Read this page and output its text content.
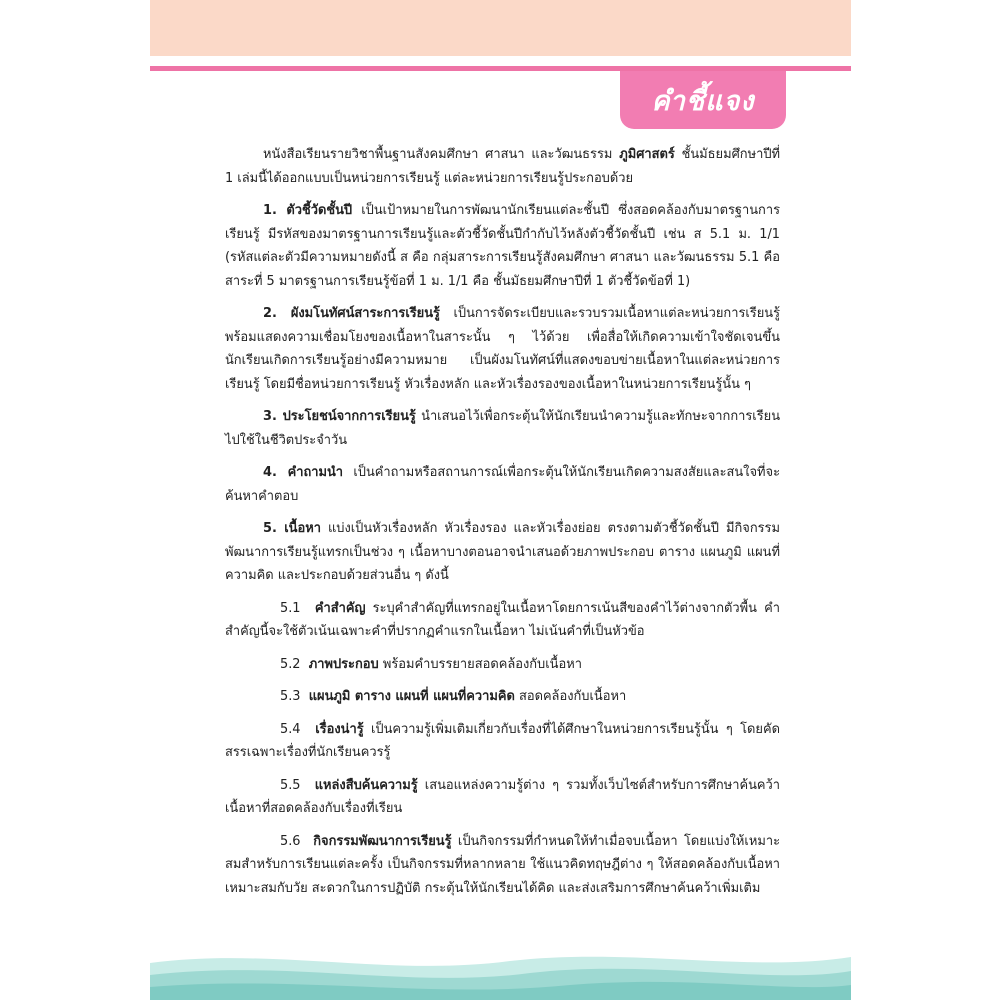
คำชี้แจง

หนังสือเรียนรายวิชาพื้นฐานสังคมศึกษา ศาสนา และวัฒนธรรม ภูมิศาสตร์ ชั้นมัธยมศึกษาปีที่ 1 เล่มนี้ได้ออกแบบเป็นหน่วยการเรียนรู้ แต่ละหน่วยการเรียนรู้ประกอบด้วย

1. ตัวชี้วัดชั้นปี เป็นเป้าหมายในการพัฒนานักเรียนแต่ละชั้นปี ซึ่งสอดคล้องกับมาตรฐานการเรียนรู้ มีรหัสของมาตรฐานการเรียนรู้และตัวชี้วัดชั้นปีกำกับไว้หลังตัวชี้วัดชั้นปี เช่น ส 5.1 ม. 1/1 (รหัสแต่ละตัวมีความหมายดังนี้ ส คือ กลุ่มสาระการเรียนรู้สังคมศึกษา ศาสนา และวัฒนธรรม 5.1 คือ สาระที่ 5 มาตรฐานการเรียนรู้ข้อที่ 1 ม. 1/1 คือ ชั้นมัธยมศึกษาปีที่ 1 ตัวชี้วัดข้อที่ 1)

2. ผังมโนทัศน์สาระการเรียนรู้ เป็นการจัดระเบียบและรวบรวมเนื้อหาแต่ละหน่วยการเรียนรู้ พร้อมแสดงความเชื่อมโยงของเนื้อหาในสาระนั้น ๆ ไว้ด้วย เพื่อสื่อให้เกิดความเข้าใจชัดเจนขึ้น นักเรียนเกิดการเรียนรู้อย่างมีความหมาย เป็นผังมโนทัศน์ที่แสดงขอบข่ายเนื้อหาในแต่ละหน่วยการเรียนรู้ โดยมีชื่อหน่วยการเรียนรู้ หัวเรื่องหลัก และหัวเรื่องรองของเนื้อหาในหน่วยการเรียนรู้นั้น ๆ

3. ประโยชน์จากการเรียนรู้ นำเสนอไว้เพื่อกระตุ้นให้นักเรียนนำความรู้และทักษะจากการเรียนไปใช้ในชีวิตประจำวัน

4. คำถามนำ เป็นคำถามหรือสถานการณ์เพื่อกระตุ้นให้นักเรียนเกิดความสงสัยและสนใจที่จะค้นหาคำตอบ

5. เนื้อหา แบ่งเป็นหัวเรื่องหลัก หัวเรื่องรอง และหัวเรื่องย่อย ตรงตามตัวชี้วัดชั้นปี มีกิจกรรมพัฒนาการเรียนรู้แทรกเป็นช่วง ๆ เนื้อหาบางตอนอาจนำเสนอด้วยภาพประกอบ ตาราง แผนภูมิ แผนที่ความคิด และประกอบด้วยส่วนอื่น ๆ ดังนี้

5.1 คำสำคัญ ระบุคำสำคัญที่แทรกอยู่ในเนื้อหาโดยการเน้นสีของคำไว้ต่างจากตัวพื้น คำสำคัญนี้จะใช้ตัวเน้นเฉพาะคำที่ปรากฏคำแรกในเนื้อหา ไม่เน้นคำที่เป็นหัวข้อ

5.2 ภาพประกอบ พร้อมคำบรรยายสอดคล้องกับเนื้อหา

5.3 แผนภูมิ ตาราง แผนที่ แผนที่ความคิด สอดคล้องกับเนื้อหา

5.4 เรื่องน่ารู้ เป็นความรู้เพิ่มเติมเกี่ยวกับเรื่องที่ได้ศึกษาในหน่วยการเรียนรู้นั้น ๆ โดยคัดสรรเฉพาะเรื่องที่นักเรียนควรรู้

5.5 แหล่งสืบค้นความรู้ เสนอแหล่งความรู้ต่าง ๆ รวมทั้งเว็บไซต์สำหรับการศึกษาค้นคว้าเนื้อหาที่สอดคล้องกับเรื่องที่เรียน

5.6 กิจกรรมพัฒนาการเรียนรู้ เป็นกิจกรรมที่กำหนดให้ทำเมื่อจบเนื้อหา โดยแบ่งให้เหมาะสมสำหรับการเรียนแต่ละครั้ง เป็นกิจกรรมที่หลากหลาย ใช้แนวคิดทฤษฎีต่าง ๆ ให้สอดคล้องกับเนื้อหา เหมาะสมกับวัย สะดวกในการปฏิบัติ กระตุ้นให้นักเรียนได้คิด และส่งเสริมการศึกษาค้นคว้าเพิ่มเติม
